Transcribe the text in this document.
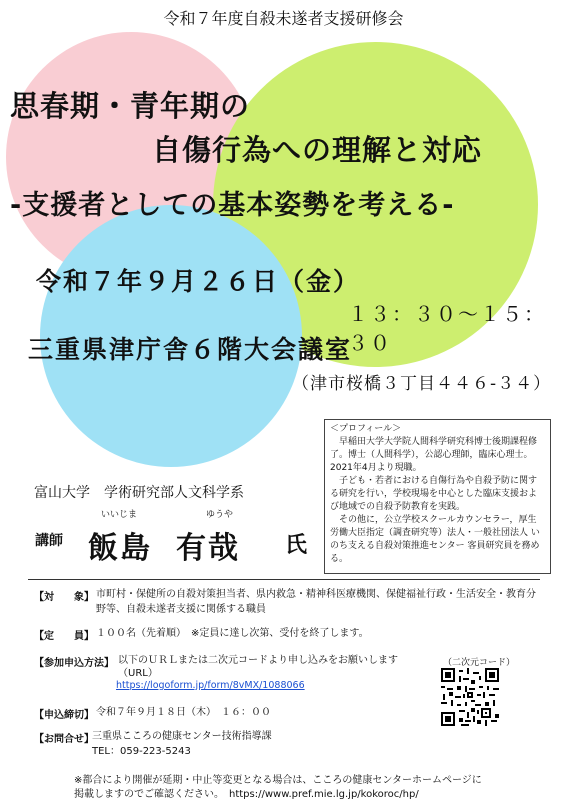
令和７年度自殺未遂者支援研修会
思春期・青年期の
自傷行為への理解と対応
-支援者としての基本姿勢を考える-
令和７年９月２６日（金）
１３：３０～１５：３０
三重県津庁舎６階大会議室
（津市桜橋３丁目４４６-３４）
＜プロフィール＞

早稲田大学大学院人間科学研究科博士後期課程修了。博士（人間科学），公認心理師，臨床心理士。2021年4月より現職。

子ども・若者における自傷行為や自殺予防に関する研究を行い，学校現場を中心とした臨床支援および地域での自殺予防教育を実践。

その他に，公立学校スクールカウンセラー，厚生労働大臣指定（調査研究等）法人・一般社団法人 いのち支える自殺対策推進センター 客員研究員を務める。

富山大学　学術研究部人文科学系
いいじま	ゆうや
講師 飯島 有哉 氏
【対　　象】 市町村・保健所の自殺対策担当者、県内救急・精神科医療機関、保健福祉行政・生活安全・教育分野等、自殺未遂者支援に関係する職員
【定　　員】 １００名（先着順）　※定員に達し次第、受付を終了します。
【参加申込方法】 以下のＵＲＬまたは二次元コードより申し込みをお願いします
（URL）
https://logoform.jp/form/8vMX/1088066
（二次元コード）
【申込締切】 令和７年９月１８日（木）　１６：００
【お問合せ】
三重県こころの健康センター技術指導課
TEL：059-223-5243
※都合により開催が延期・中止等変更となる場合は、こころの健康センターホームページに
掲載しますのでご確認ください。　https://www.pref.mie.lg.jp/kokoroc/hp/
